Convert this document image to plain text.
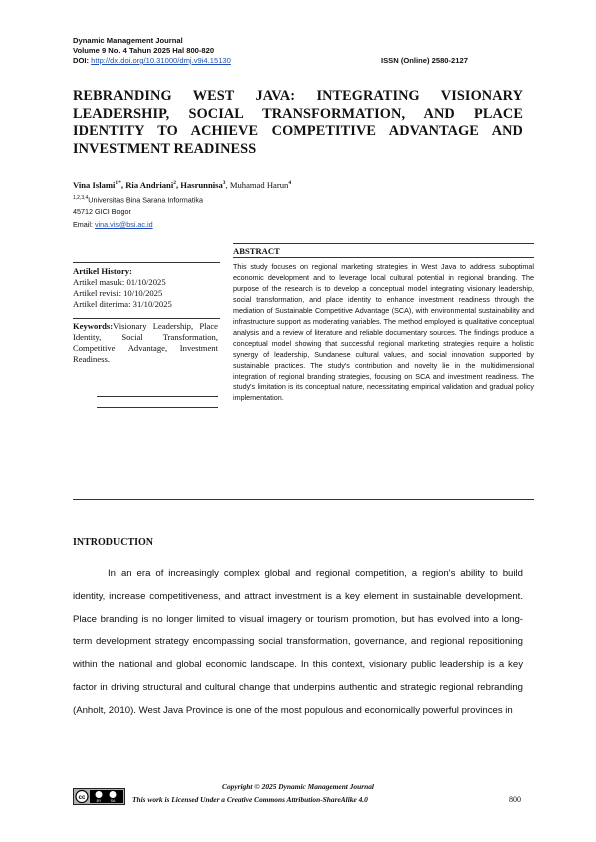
Dynamic Management Journal
Volume 9 No. 4 Tahun 2025 Hal 800-820
DOI: http://dx.doi.org/10.31000/dmj.v9i4.15130	ISSN (Online) 2580-2127
REBRANDING WEST JAVA: INTEGRATING VISIONARY LEADERSHIP, SOCIAL TRANSFORMATION, AND PLACE IDENTITY TO ACHIEVE COMPETITIVE ADVANTAGE AND INVESTMENT READINESS
Vina Islami$^{1*}$, Ria Andriani$^2$, Hasrunnisa$^3$, Muhamad Harun$^4$
$^{1,2,3,4}$Universitas Bina Sarana Informatika
45712 GICI Bogor
Email: vina.vis@bsi.ac.id
Artikel History:
Artikel masuk: 01/10/2025
Artikel revisi: 10/10/2025
Artikel diterima: 31/10/2025
Keywords:Visionary Leadership, Place Identity, Social Transformation, Competitive Advantage, Investment Readiness.
ABSTRACT
This study focuses on regional marketing strategies in West Java to address suboptimal economic development and to leverage local cultural potential in regional branding. The purpose of the research is to develop a conceptual model integrating visionary leadership, social transformation, and place identity to enhance investment readiness through the mediation of Sustainable Competitive Advantage (SCA), with environmental sustainability and infrastructure support as moderating variables. The method employed is qualitative conceptual analysis and a review of literature and reliable documentary sources. The findings produce a conceptual model showing that successful regional marketing strategies require a holistic synergy of leadership, Sundanese cultural values, and social innovation supported by sustainable practices. The study's contribution and novelty lie in the multidimensional integration of regional branding strategies, focusing on SCA and investment readiness. The study's limitation is its conceptual nature, necessitating empirical validation and gradual policy implementation.
INTRODUCTION
In an era of increasingly complex global and regional competition, a region's ability to build identity, increase competitiveness, and attract investment is a key element in sustainable development. Place branding is no longer limited to visual imagery or tourism promotion, but has evolved into a long-term development strategy encompassing social transformation, governance, and regional repositioning within the national and global economic landscape. In this context, visionary public leadership is a key factor in driving structural and cultural change that underpins authentic and strategic regional rebranding (Anholt, 2010). West Java Province is one of the most populous and economically powerful provinces in
Copyright © 2025 Dynamic Management Journal
cc	BY	SA This work is Licensed Under a Creative Commons Attribution-ShareAlike 4.0	800
